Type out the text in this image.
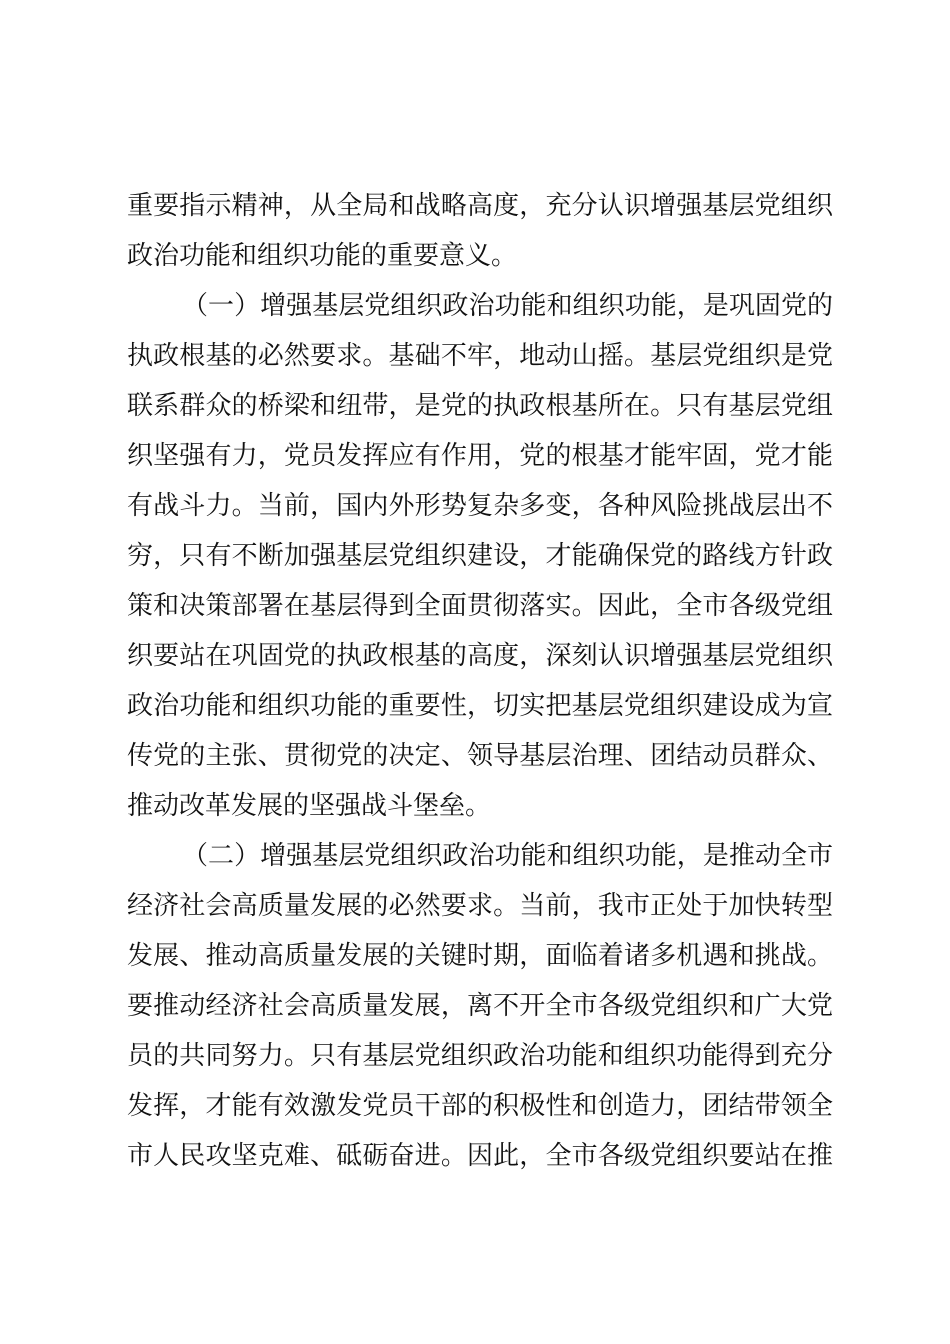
重要指示精神，从全局和战略高度，充分认识增强基层党组织
政治功能和组织功能的重要意义。
（一）增强基层党组织政治功能和组织功能，是巩固党的
执政根基的必然要求。基础不牢，地动山摇。基层党组织是党
联系群众的桥梁和纽带，是党的执政根基所在。只有基层党组
织坚强有力，党员发挥应有作用，党的根基才能牢固，党才能
有战斗力。当前，国内外形势复杂多变，各种风险挑战层出不
穷，只有不断加强基层党组织建设，才能确保党的路线方针政
策和决策部署在基层得到全面贯彻落实。因此，全市各级党组
织要站在巩固党的执政根基的高度，深刻认识增强基层党组织
政治功能和组织功能的重要性，切实把基层党组织建设成为宣
传党的主张、贯彻党的决定、领导基层治理、团结动员群众、
推动改革发展的坚强战斗堡垒。
（二）增强基层党组织政治功能和组织功能，是推动全市
经济社会高质量发展的必然要求。当前，我市正处于加快转型
发展、推动高质量发展的关键时期，面临着诸多机遇和挑战。
要推动经济社会高质量发展，离不开全市各级党组织和广大党
员的共同努力。只有基层党组织政治功能和组织功能得到充分
发挥，才能有效激发党员干部的积极性和创造力，团结带领全
市人民攻坚克难、砥砺奋进。因此，全市各级党组织要站在推
